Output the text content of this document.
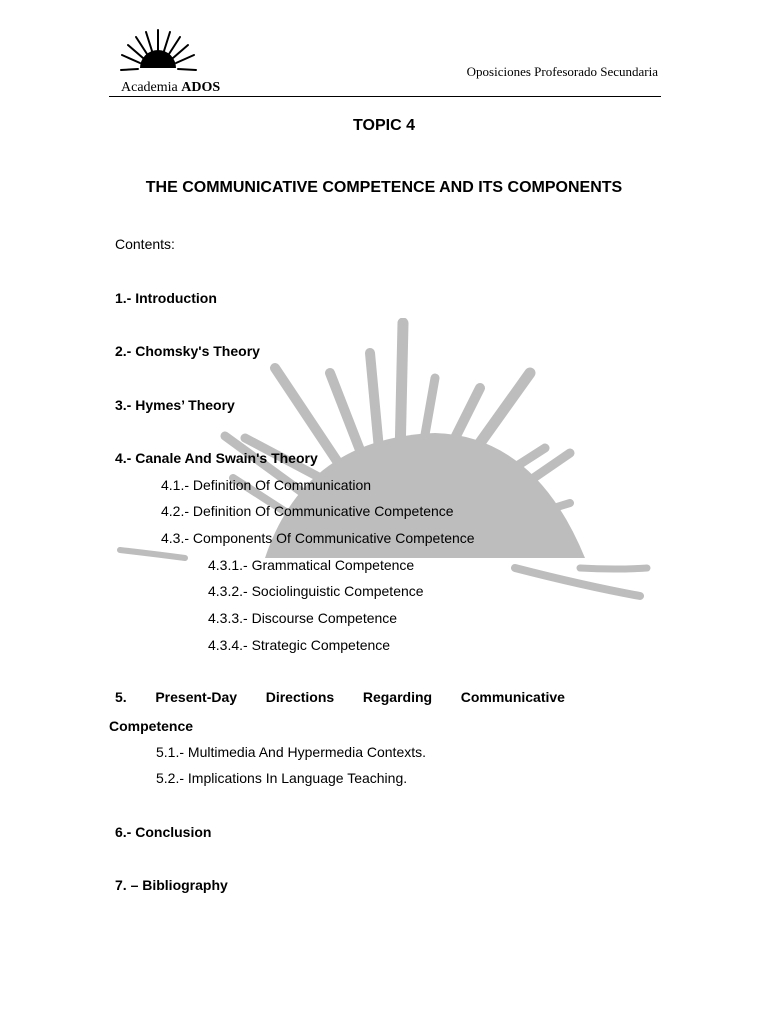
Academia ADOS
Oposiciones Profesorado Secundaria
TOPIC 4
THE COMMUNICATIVE COMPETENCE AND ITS COMPONENTS
Contents:
1.- Introduction
2.- Chomsky's Theory
3.- Hymes’ Theory
4.- Canale And Swain's Theory
4.1.- Definition Of Communication
4.2.- Definition Of Communicative Competence
4.3.- Components Of Communicative Competence
4.3.1.- Grammatical Competence
4.3.2.- Sociolinguistic Competence
4.3.3.- Discourse Competence
4.3.4.- Strategic Competence
5. Present-Day Directions Regarding Communicative
Competence
5.1.- Multimedia And Hypermedia Contexts.
5.2.- Implications In Language Teaching.
6.- Conclusion
7. – Bibliography
